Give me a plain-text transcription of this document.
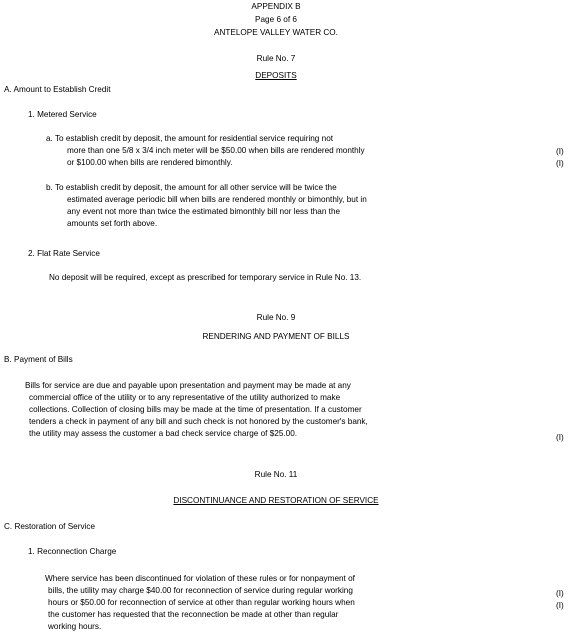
APPENDIX B
Page 6 of 6
ANTELOPE VALLEY WATER CO.
Rule No. 7
DEPOSITS
A. Amount to Establish Credit
1. Metered Service
a. To establish credit by deposit, the amount for residential service requiring not
more than one 5/8 x 3/4 inch meter will be $50.00 when bills are rendered monthly
or $100.00 when bills are rendered bimonthly.
(I)
(I)
b. To establish credit by deposit, the amount for all other service will be twice the
estimated average periodic bill when bills are rendered monthly or bimonthly, but in
any event not more than twice the estimated bimonthly bill nor less than the
amounts set forth above.
2. Flat Rate Service
No deposit will be required, except as prescribed for temporary service in Rule No. 13.
Rule No. 9
RENDERING AND PAYMENT OF BILLS
B. Payment of Bills
Bills for service are due and payable upon presentation and payment may be made at any
commercial office of the utility or to any representative of the utility authorized to make
collections. Collection of closing bills may be made at the time of presentation. If a customer
tenders a check in payment of any bill and such check is not honored by the customer's bank,
the utility may assess the customer a bad check service charge of $25.00.	(I)
Rule No. 11
DISCONTINUANCE AND RESTORATION OF SERVICE
C. Restoration of Service
1. Reconnection Charge
Where service has been discontinued for violation of these rules or for nonpayment of
bills, the utility may charge $40.00 for reconnection of service during regular working
hours or $50.00 for reconnection of service at other than regular working hours when
the customer has requested that the reconnection be made at other than regular
working hours.
(I)
(I)
